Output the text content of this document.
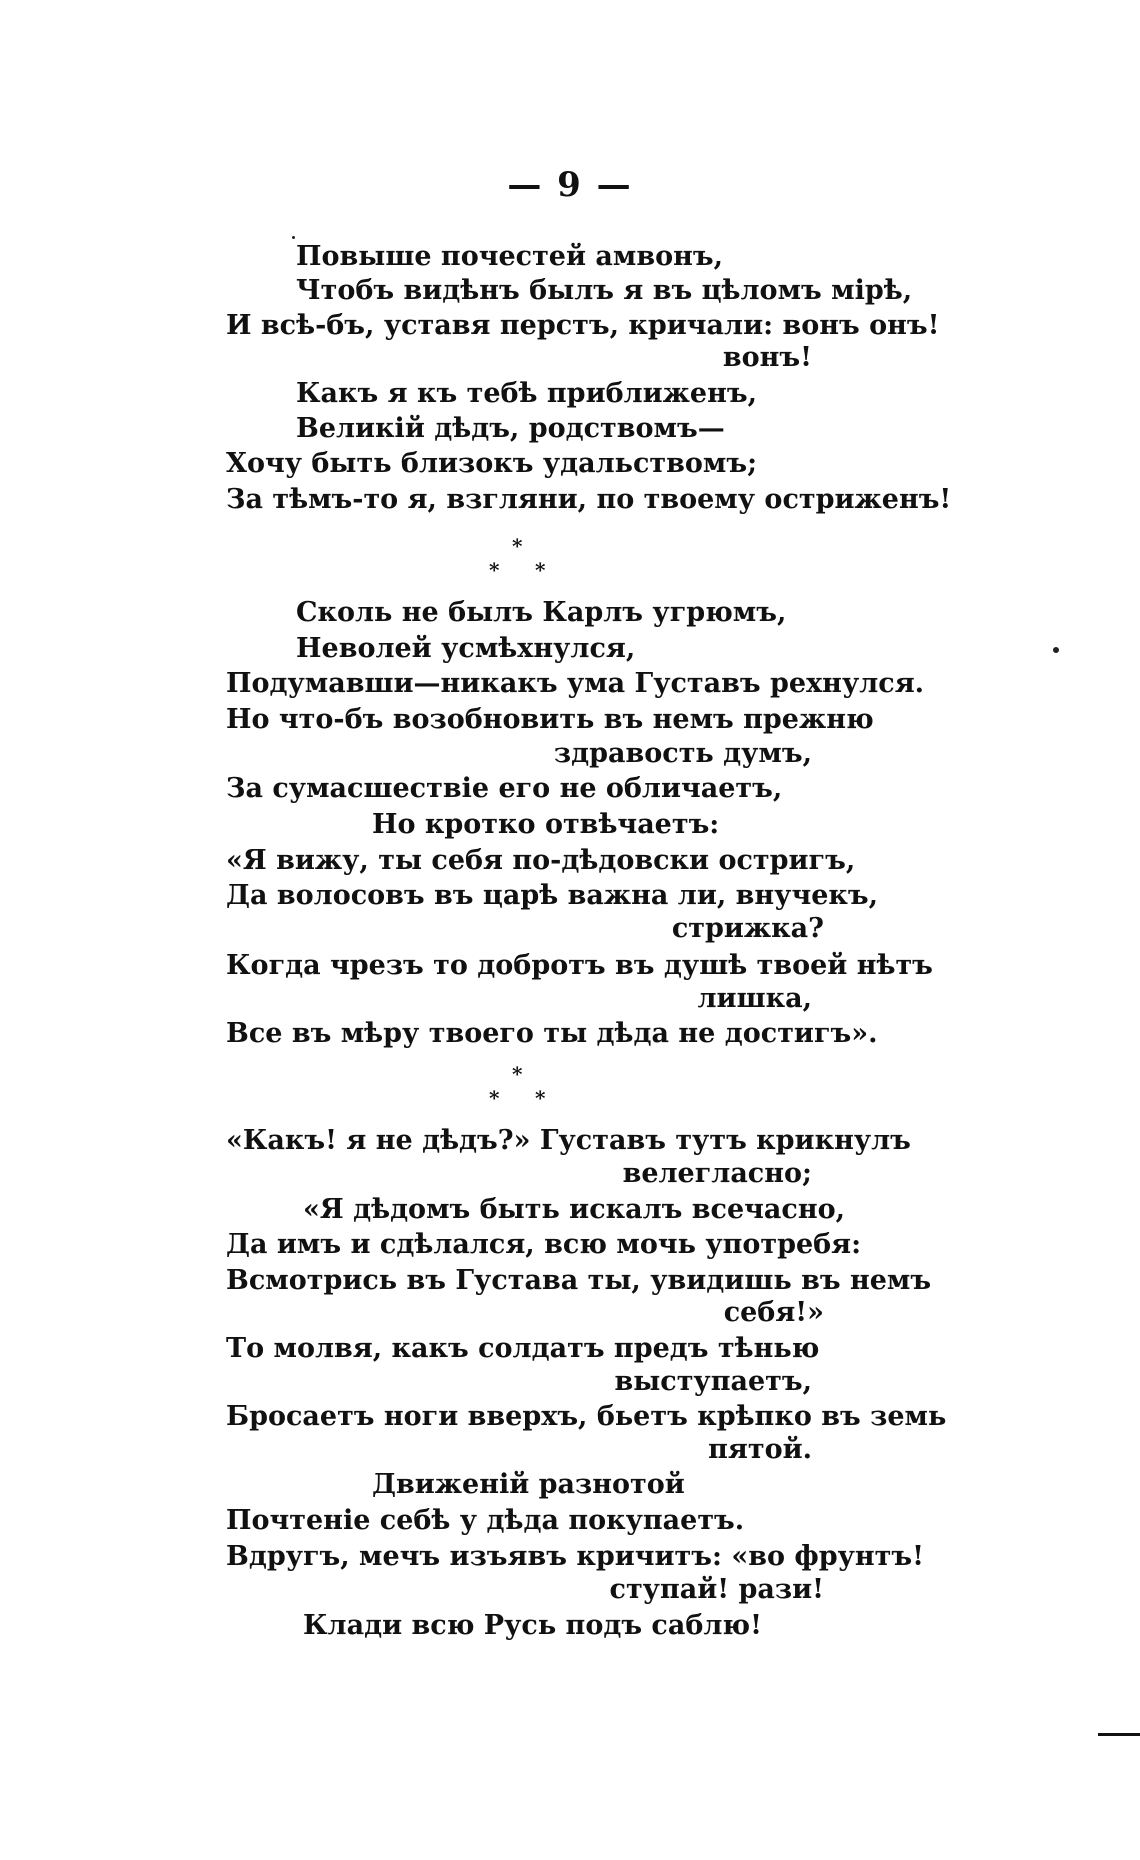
— 9 —
Повыше почестей амвонъ,
Чтобъ видѣнъ былъ я въ цѣломъ мірѣ,
И всѣ-бъ, уставя перстъ, кричали: вонъ онъ!
вонъ!
Какъ я къ тебѣ приближенъ,
Великій дѣдъ, родствомъ—
Хочу быть близокъ удальствомъ;
За тѣмъ-то я, взгляни, по твоему остриженъ!
*
* *
Сколь не былъ Карлъ угрюмъ,
Неволей усмѣхнулся,
Подумавши—никакъ ума Густавъ рехнулся.
Но что-бъ возобновить въ немъ прежню
здравость думъ,
За сумасшествіе его не обличаетъ,
Но кротко отвѣчаетъ:
«Я вижу, ты себя по-дѣдовски остригъ,
Да волосовъ въ царѣ важна ли, внучекъ,
стрижка?
Когда чрезъ то добротъ въ душѣ твоей нѣтъ
лишка,
Все въ мѣру твоего ты дѣда не достигъ».
*
* *
«Какъ! я не дѣдъ?» Густавъ тутъ крикнулъ
велегласно;
«Я дѣдомъ быть искалъ всечасно,
Да имъ и сдѣлался, всю мочь употребя:
Всмотрись въ Густава ты, увидишь въ немъ
себя!»
То молвя, какъ солдатъ предъ тѣнью
выступаетъ,
Бросаетъ ноги вверхъ, бьетъ крѣпко въ земь
пятой.
Движеній разнотой
Почтеніе себѣ у дѣда покупаетъ.
Вдругъ, мечъ изъявъ кричитъ: «во фрунтъ!
ступай! рази!
Клади всю Русь подъ саблю!
